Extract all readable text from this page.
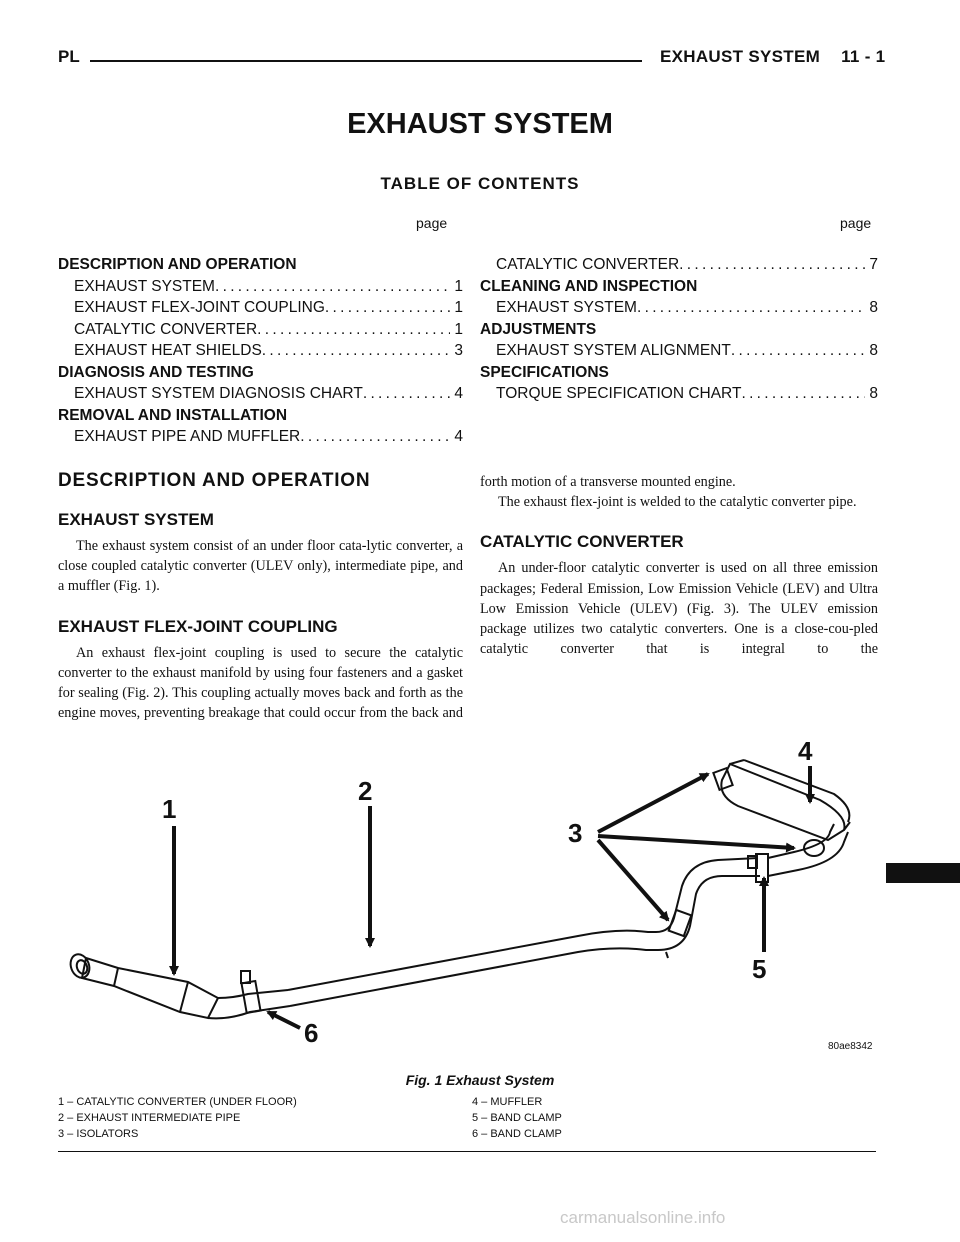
PL	EXHAUST SYSTEM 11 - 1
EXHAUST SYSTEM
TABLE OF CONTENTS
page	page
DESCRIPTION AND OPERATION
EXHAUST SYSTEM . . .	1
EXHAUST FLEX-JOINT COUPLING . . .	1
CATALYTIC CONVERTER . . .	1
EXHAUST HEAT SHIELDS . . .	3
DIAGNOSIS AND TESTING
EXHAUST SYSTEM DIAGNOSIS CHART . . .	4
REMOVAL AND INSTALLATION
EXHAUST PIPE AND MUFFLER . . .	4
CATALYTIC CONVERTER . . .	7
CLEANING AND INSPECTION
EXHAUST SYSTEM . . .	8
ADJUSTMENTS
EXHAUST SYSTEM ALIGNMENT . . .	8
SPECIFICATIONS
TORQUE SPECIFICATION CHART . . .	8
DESCRIPTION AND OPERATION
EXHAUST SYSTEM

The exhaust system consist of an under floor cata-lytic converter, a close coupled catalytic converter (ULEV only), intermediate pipe, and a muffler (Fig. 1).

EXHAUST FLEX-JOINT COUPLING

An exhaust flex-joint coupling is used to secure the catalytic converter to the exhaust manifold by using four fasteners and a gasket for sealing (Fig. 2). This coupling actually moves back and forth as the engine moves, preventing breakage that could occur from the back and

forth motion of a transverse mounted engine.

The exhaust flex-joint is welded to the catalytic converter pipe.

CATALYTIC CONVERTER

An under-floor catalytic converter is used on all three emission packages; Federal Emission, Low Emission Vehicle (LEV) and Ultra Low Emission Vehicle (ULEV) (Fig. 3). The ULEV emission package utilizes two catalytic converters. One is a close-cou-pled catalytic converter that is integral to the

1
2
3
4
5
6	80ae8342
Fig. 1 Exhaust System
1 – CATALYTIC CONVERTER (UNDER FLOOR)
2 – EXHAUST INTERMEDIATE PIPE
3 – ISOLATORS
4 – MUFFLER
5 – BAND CLAMP
6 – BAND CLAMP
carmanualsonline.info
